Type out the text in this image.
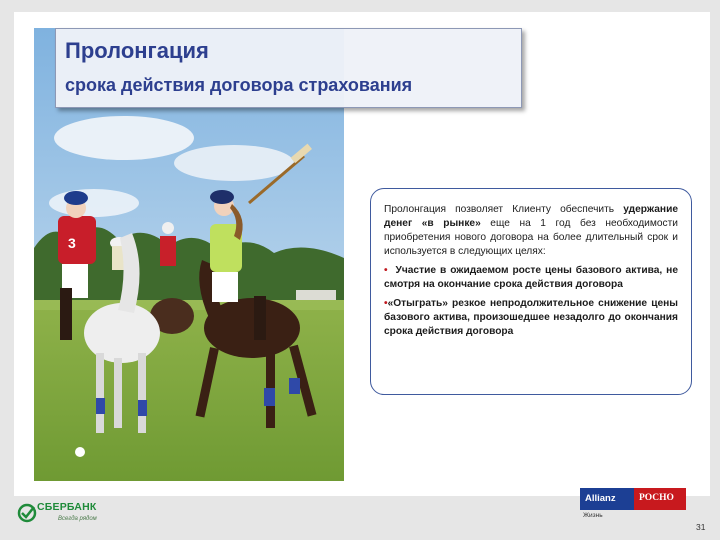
3
Пролонгация
срока действия договора страхования

Пролонгация позволяет Клиенту обеспечить удержание денег «в рынке» еще на 1 год без необходимости приобретения нового договора на более длительный срок и используется в следующих целях:

• Участие в ожидаемом росте цены базового актива, не смотря на окончание срока действия договора

•«Отыграть» резкое непродолжительное снижение цены базового актива, произошедшее незадолго до окончания срока действия договора

СБЕРБАНК
Всегда рядом
Allianz РОСНО
Жизнь
31
